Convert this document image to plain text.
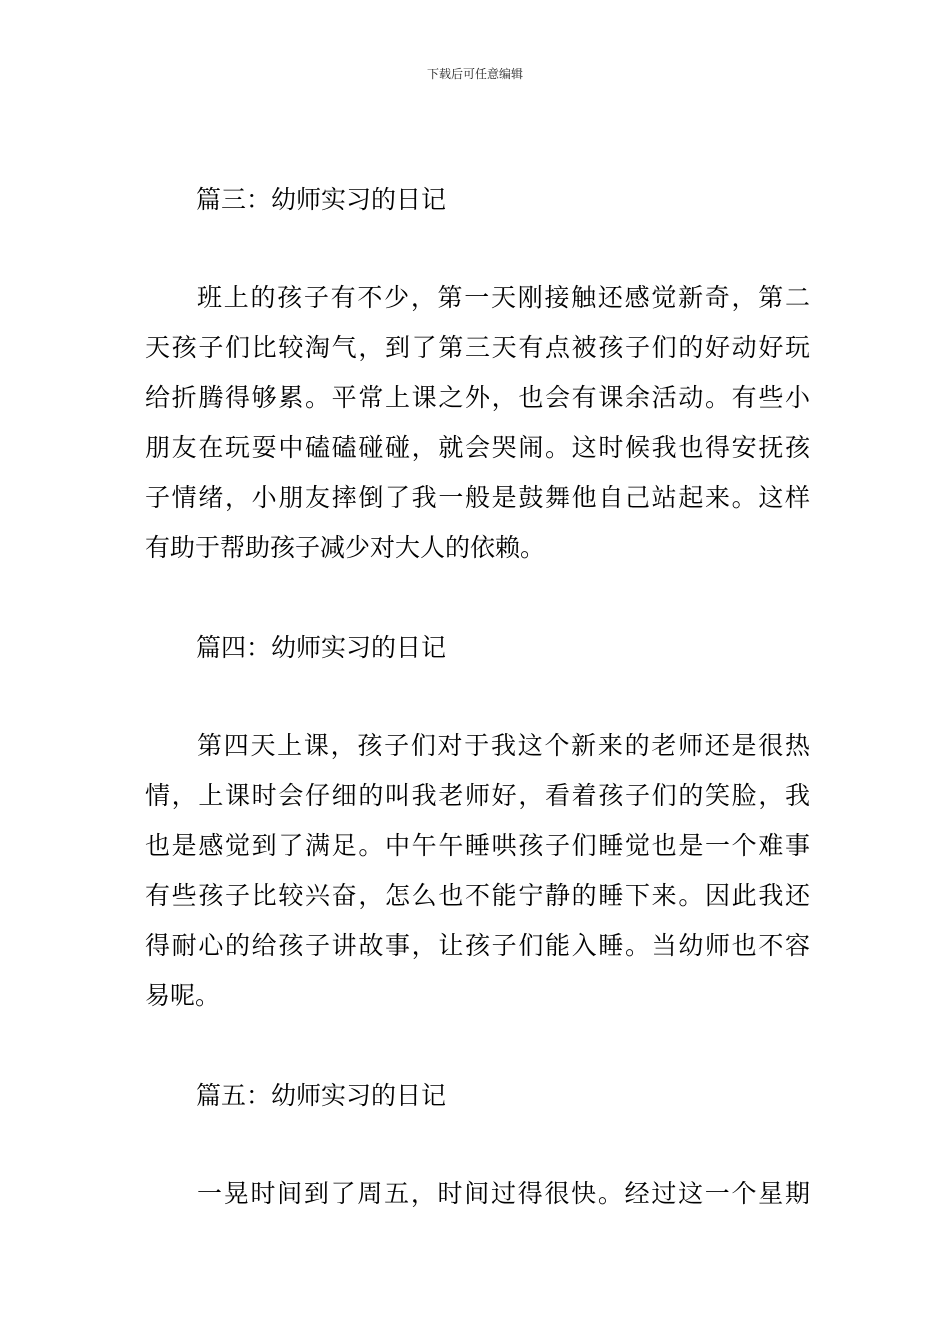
下载后可任意编辑
篇三：幼师实习的日记
班上的孩子有不少，第一天刚接触还感觉新奇，第二
天孩子们比较淘气，到了第三天有点被孩子们的好动好玩
给折腾得够累。平常上课之外，也会有课余活动。有些小
朋友在玩耍中磕磕碰碰，就会哭闹。这时候我也得安抚孩
子情绪，小朋友摔倒了我一般是鼓舞他自己站起来。这样
有助于帮助孩子减少对大人的依赖。
篇四：幼师实习的日记
第四天上课，孩子们对于我这个新来的老师还是很热
情，上课时会仔细的叫我老师好，看着孩子们的笑脸，我
也是感觉到了满足。中午午睡哄孩子们睡觉也是一个难事
有些孩子比较兴奋，怎么也不能宁静的睡下来。因此我还
得耐心的给孩子讲故事，让孩子们能入睡。当幼师也不容
易呢。
篇五：幼师实习的日记
一晃时间到了周五，时间过得很快。经过这一个星期
